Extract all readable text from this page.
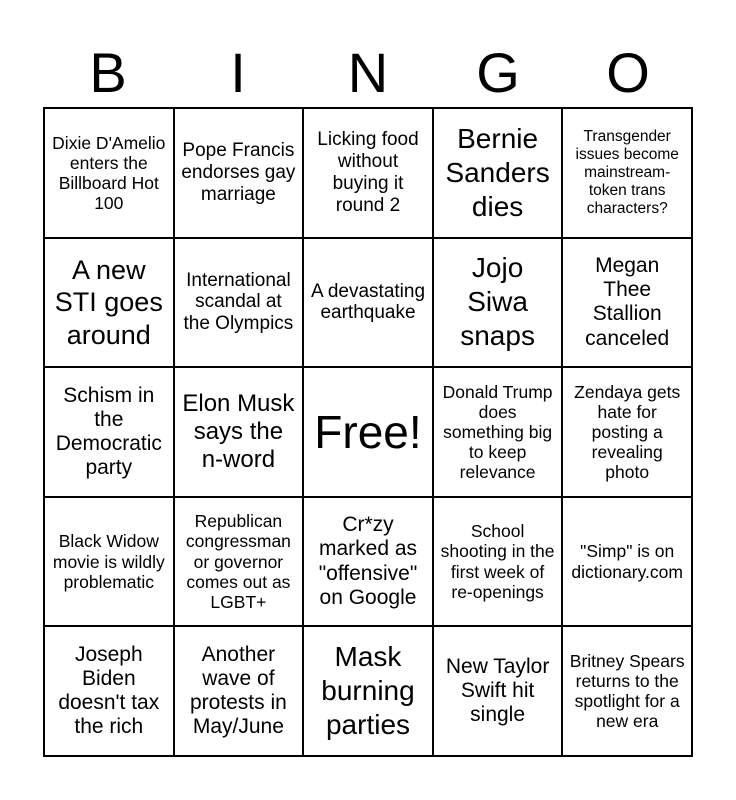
B	I	N	G	O
Dixie D'Amelio enters the Billboard Hot 100
Pope Francis endorses gay marriage
Licking food without buying it round 2
Bernie Sanders dies
Transgender issues become mainstream- token trans characters?
A new STI goes around
International scandal at the Olympics
A devastating earthquake
Jojo Siwa snaps
Megan Thee Stallion canceled
Schism in the Democratic party
Elon Musk says the n-word
Free!
Donald Trump does something big to keep relevance
Zendaya gets hate for posting a revealing photo
Black Widow movie is wildly problematic
Republican congressman or governor comes out as LGBT+
Cr*zy marked as "offensive" on Google
School shooting in the first week of re-openings
"Simp" is on dictionary.com
Joseph Biden doesn't tax the rich
Another wave of protests in May/June
Mask burning parties
New Taylor Swift hit single
Britney Spears returns to the spotlight for a new era
